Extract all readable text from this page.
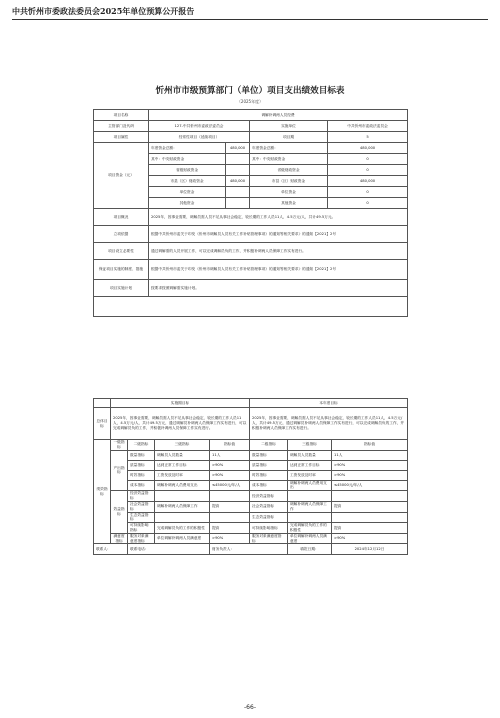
中共忻州市委政法委员会2025年单位预算公开报告
忻州市市级预算部门（单位）项目支出绩效目标表
（2025年度）
项目名称	调解补调两人员经费			
主管部门及代码	127-中共忻州市委政法委员会		实施单位	中共忻州市委政法委员会
项目属性	经常性项目（延续项目）		项目期	5
项目资金（元）	年度资金总额：	480,000	年度资金总额：	480,000
	其中：中央财政资金		其中：中央财政资金	0
	省级财政资金		省级财政资金	0
	市县（区）财政资金	480,000	市县（区）财政资金	480,000
	单位资金		单位资金	0
	其他资金		其他资金	0
项目概况	2025年，因事业需要，调解员需人员不足从事社会稳定，较长期的工作人员11人，4.5万元/人，共计49.5万元。			
立项依据	根据中共忻州市委关于印发《忻州市调解员人员有关工作补贴管理事项》的通知等相关要求》的通知【2021】2号			
项目设立必要性	通过调解需的人员开展工作，可以完成调解员负的工作，并积极补调两人员保障工作实有进行。			
保证项目实施的制度、措施	根据中共忻州市委关于印发《忻州市调解员人员有关工作补贴管理事项》的通知等相关要求》的通知【2021】2号			
项目实施计划	按要求按照调解需实施计划。			

	实施期目标				本年度目标		
总体目标	2025年，因事业需要，调解员需人员不足从事社会稳定，较长期的工作人员11人，4.5万元/人，共计49.5万元，通过调解员补调两人员保障工作实有进行，可以完成调解员负的工作，并积极补调两人员保障工作实有进行。				2025年，因事业需要，调解员需人员不足从事社会稳定，较长期的工作人员11人，4.5万元/人，共计49.5万元，通过调解员补调两人员保障工作实有进行，可以完成调解员负的工作，并积极补调两人员保障工作实有进行。		
绩效指标	一级指标	二级指标	三级指标	指标值	二级指标	三级指标	指标值
	产出指标	数量指标	调解员人员数量	11人	数量指标	调解员人员数量	11人
		质量指标	达到正常工作目标	>90%	质量指标	达到正常工作目标	>90%
		时效指标	工资发放及时率	>90%	时效指标	工资发放及时率	>90%
		成本指标	调解补调两人员费用支出	≤45000元/年/人	成本指标	调解补调两人员费用支出	≤45000元/年/人
	效益指标	经济效益指标			经济效益指标		
		社会效益指标	调解补调两人员保障工作	提高	社会效益指标	调解补调两人员保障工作	提高
		生态效益指标			生态效益指标		
		可持续影响指标	完成调解员负的工作的积极性	提高	可持续影响指标	完成调解员负的工作的积极性	提高
	满意度指标	服务对象满意度指标	单位调解补调两人员满意度	>90%	服务对象满意度指标	单位调解补调两人员满意度	>90%
联系人：		联系电话：		财务负责人：		填报日期：	2024年12月12日
-66-
